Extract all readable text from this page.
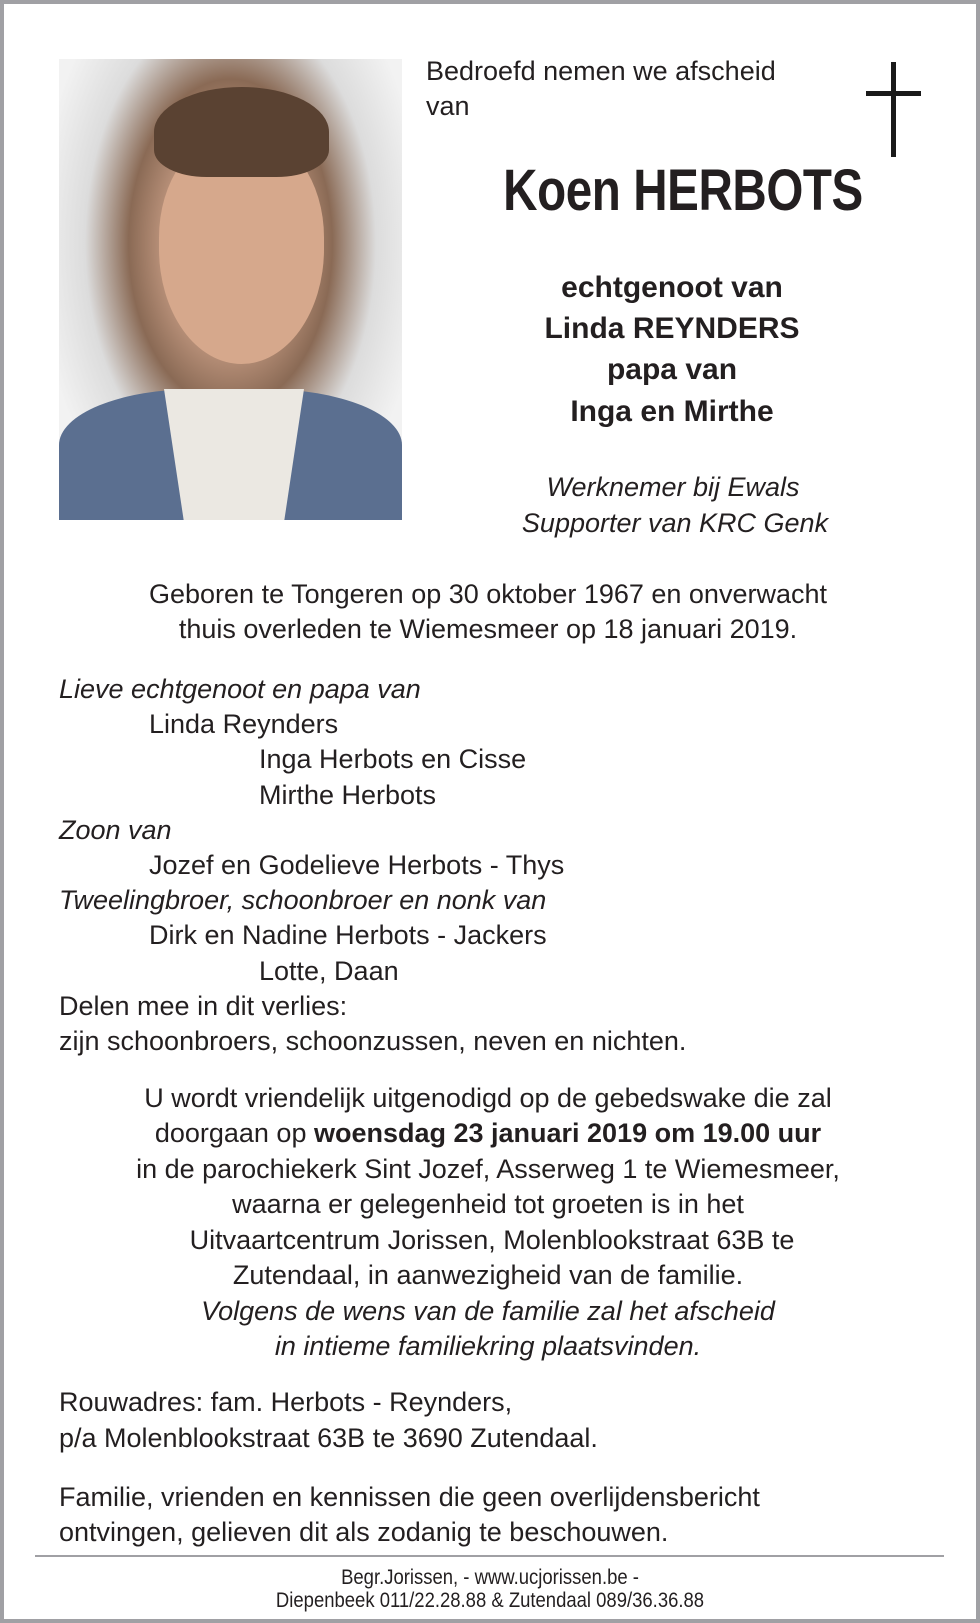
Bedroefd nemen we afscheid
van
Koen HERBOTS
echtgenoot van
Linda REYNDERS
papa van
Inga en Mirthe
Werknemer bij Ewals
Supporter van KRC Genk
Geboren te Tongeren op 30 oktober 1967 en onverwacht
thuis overleden te Wiemesmeer op 18 januari 2019.
Lieve echtgenoot en papa van
Linda Reynders
Inga Herbots en Cisse
Mirthe Herbots
Zoon van
Jozef en Godelieve Herbots - Thys
Tweelingbroer, schoonbroer en nonk van
Dirk en Nadine Herbots - Jackers
Lotte, Daan
Delen mee in dit verlies:
zijn schoonbroers, schoonzussen, neven en nichten.
U wordt vriendelijk uitgenodigd op de gebedswake die zal
doorgaan op woensdag 23 januari 2019 om 19.00 uur
in de parochiekerk Sint Jozef, Asserweg 1 te Wiemesmeer,
waarna er gelegenheid tot groeten is in het
Uitvaartcentrum Jorissen, Molenblookstraat 63B te
Zutendaal, in aanwezigheid van de familie.
Volgens de wens van de familie zal het afscheid
in intieme familiekring plaatsvinden.
Rouwadres: fam. Herbots - Reynders,
p/a Molenblookstraat 63B te 3690 Zutendaal.
Familie, vrienden en kennissen die geen overlijdensbericht
ontvingen, gelieven dit als zodanig te beschouwen.
Begr.Jorissen, - www.ucjorissen.be -
Diepenbeek 011/22.28.88 & Zutendaal 089/36.36.88
